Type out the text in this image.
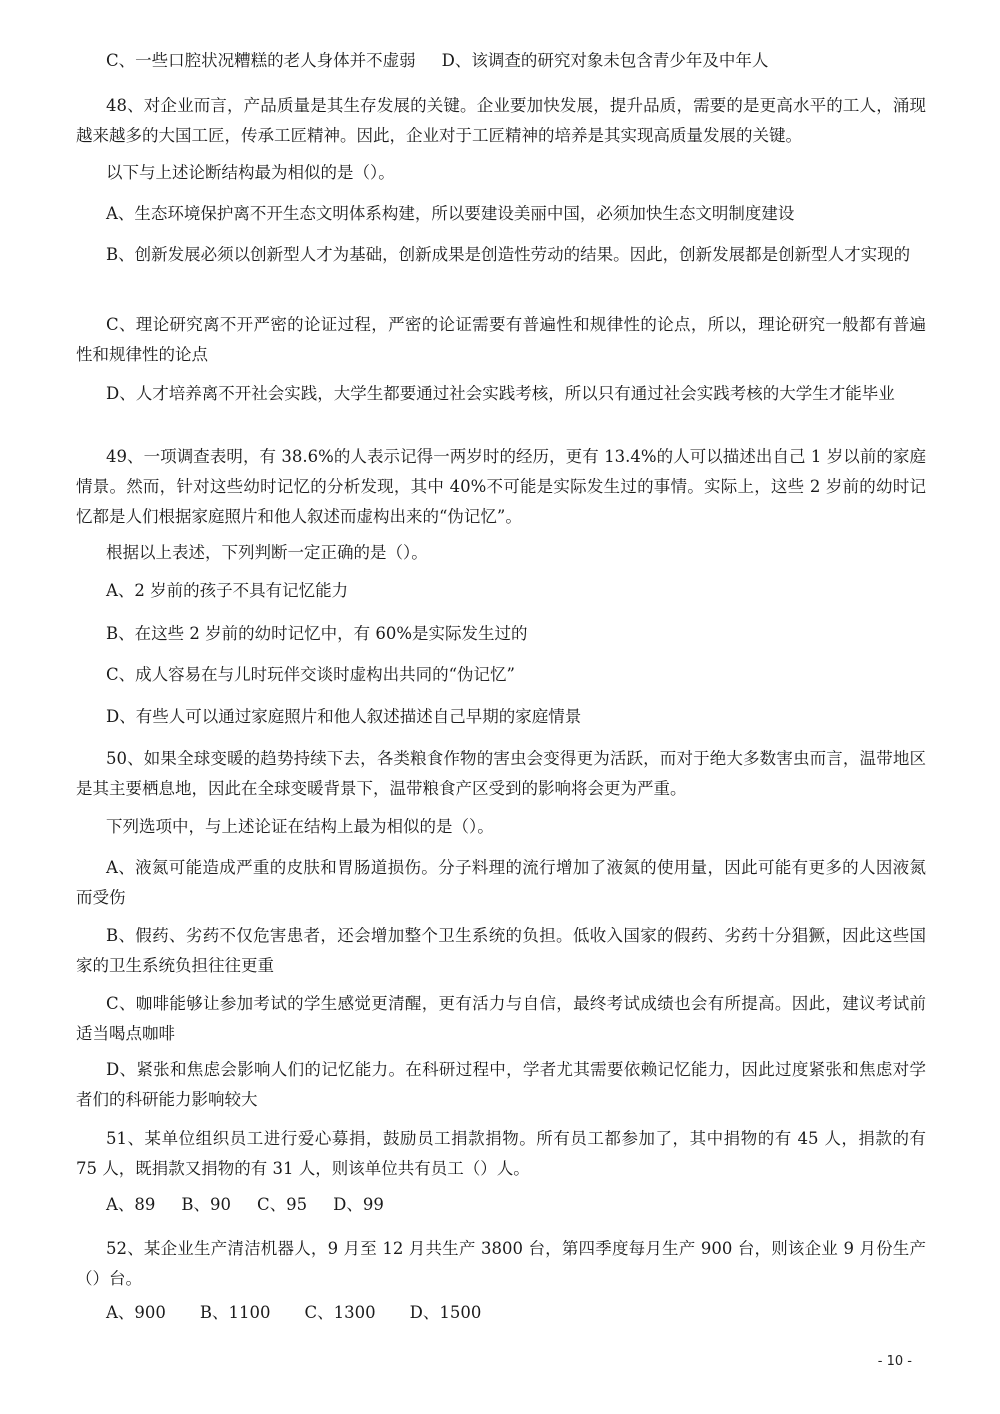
C、一些口腔状况糟糕的老人身体并不虚弱 D、该调查的研究对象未包含青少年及中年人

48、对企业而言，产品质量是其生存发展的关键。企业要加快发展，提升品质，需要的是更高水平的工人，涌现越来越多的大国工匠，传承工匠精神。因此，企业对于工匠精神的培养是其实现高质量发展的关键。

以下与上述论断结构最为相似的是（）。

A、生态环境保护离不开生态文明体系构建，所以要建设美丽中国，必须加快生态文明制度建设

B、创新发展必须以创新型人才为基础，创新成果是创造性劳动的结果。因此，创新发展都是创新型人才实现的

C、理论研究离不开严密的论证过程，严密的论证需要有普遍性和规律性的论点，所以，理论研究一般都有普遍性和规律性的论点

D、人才培养离不开社会实践，大学生都要通过社会实践考核，所以只有通过社会实践考核的大学生才能毕业

49、一项调查表明，有 38.6%的人表示记得一两岁时的经历，更有 13.4%的人可以描述出自己 1 岁以前的家庭情景。然而，针对这些幼时记忆的分析发现，其中 40%不可能是实际发生过的事情。实际上，这些 2 岁前的幼时记忆都是人们根据家庭照片和他人叙述而虚构出来的“伪记忆”。

根据以上表述，下列判断一定正确的是（）。

A、2 岁前的孩子不具有记忆能力

B、在这些 2 岁前的幼时记忆中，有 60%是实际发生过的

C、成人容易在与儿时玩伴交谈时虚构出共同的“伪记忆”

D、有些人可以通过家庭照片和他人叙述描述自己早期的家庭情景

50、如果全球变暖的趋势持续下去，各类粮食作物的害虫会变得更为活跃，而对于绝大多数害虫而言，温带地区是其主要栖息地，因此在全球变暖背景下，温带粮食产区受到的影响将会更为严重。

下列选项中，与上述论证在结构上最为相似的是（）。

A、液氮可能造成严重的皮肤和胃肠道损伤。分子料理的流行增加了液氮的使用量，因此可能有更多的人因液氮而受伤

B、假药、劣药不仅危害患者，还会增加整个卫生系统的负担。低收入国家的假药、劣药十分猖獗，因此这些国家的卫生系统负担往往更重

C、咖啡能够让参加考试的学生感觉更清醒，更有活力与自信，最终考试成绩也会有所提高。因此，建议考试前适当喝点咖啡

D、紧张和焦虑会影响人们的记忆能力。在科研过程中，学者尤其需要依赖记忆能力，因此过度紧张和焦虑对学者们的科研能力影响较大

51、某单位组织员工进行爱心募捐，鼓励员工捐款捐物。所有员工都参加了，其中捐物的有 45 人，捐款的有 75 人，既捐款又捐物的有 31 人，则该单位共有员工（）人。

A、89 B、90 C、95 D、99

52、某企业生产清洁机器人，9 月至 12 月共生产 3800 台，第四季度每月生产 900 台，则该企业 9 月份生产（）台。

A、900 B、1100 C、1300 D、1500
- 10 -
